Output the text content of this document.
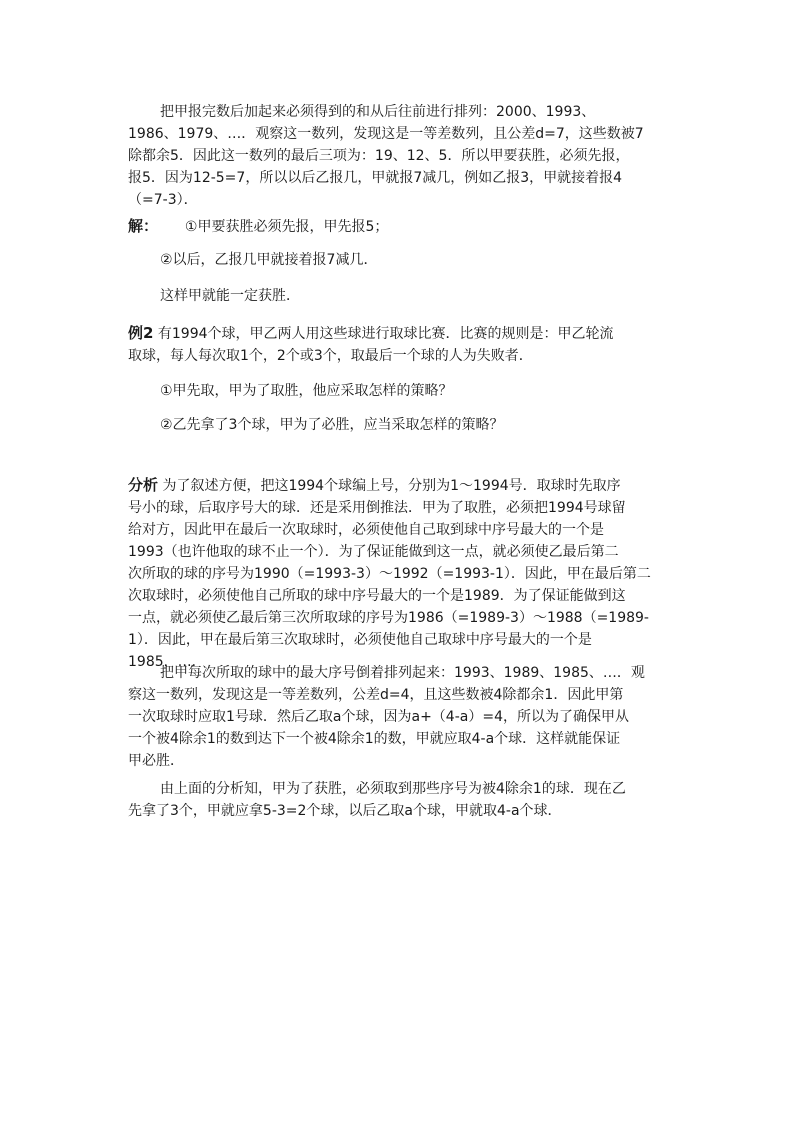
把甲报完数后加起来必须得到的和从后往前进行排列：2000、1993、
1986、1979、…．观察这一数列，发现这是一等差数列，且公差d=7，这些数被7
除都余5．因此这一数列的最后三项为：19、12、5．所以甲要获胜，必须先报，
报5．因为12-5=7，所以以后乙报几，甲就报7减几，例如乙报3，甲就接着报4
（=7-3）．
解： ①甲要获胜必须先报，甲先报5；
②以后，乙报几甲就接着报7减几．
这样甲就能一定获胜．
例2 有1994个球，甲乙两人用这些球进行取球比赛．比赛的规则是：甲乙轮流
取球，每人每次取1个，2个或3个，取最后一个球的人为失败者．
①甲先取，甲为了取胜，他应采取怎样的策略？
②乙先拿了3个球，甲为了必胜，应当采取怎样的策略？
分析 为了叙述方便，把这1994个球编上号，分别为1～1994号．取球时先取序
号小的球，后取序号大的球．还是采用倒推法．甲为了取胜，必须把1994号球留
给对方，因此甲在最后一次取球时，必须使他自己取到球中序号最大的一个是
1993（也许他取的球不止一个）．为了保证能做到这一点，就必须使乙最后第二
次所取的球的序号为1990（=1993-3）～1992（=1993-1）．因此，甲在最后第二
次取球时，必须使他自己所取的球中序号最大的一个是1989．为了保证能做到这
一点，就必须使乙最后第三次所取球的序号为1986（=1989-3）～1988（=1989-
1）．因此，甲在最后第三次取球时，必须使他自己取球中序号最大的一个是
1985，…．
把甲每次所取的球中的最大序号倒着排列起来：1993、1989、1985、…．观
察这一数列，发现这是一等差数列，公差d=4，且这些数被4除都余1．因此甲第
一次取球时应取1号球．然后乙取a个球，因为a+（4-a）=4，所以为了确保甲从
一个被4除余1的数到达下一个被4除余1的数，甲就应取4-a个球．这样就能保证
甲必胜．
由上面的分析知，甲为了获胜，必须取到那些序号为被4除余1的球．现在乙
先拿了3个，甲就应拿5-3=2个球，以后乙取a个球，甲就取4-a个球．
